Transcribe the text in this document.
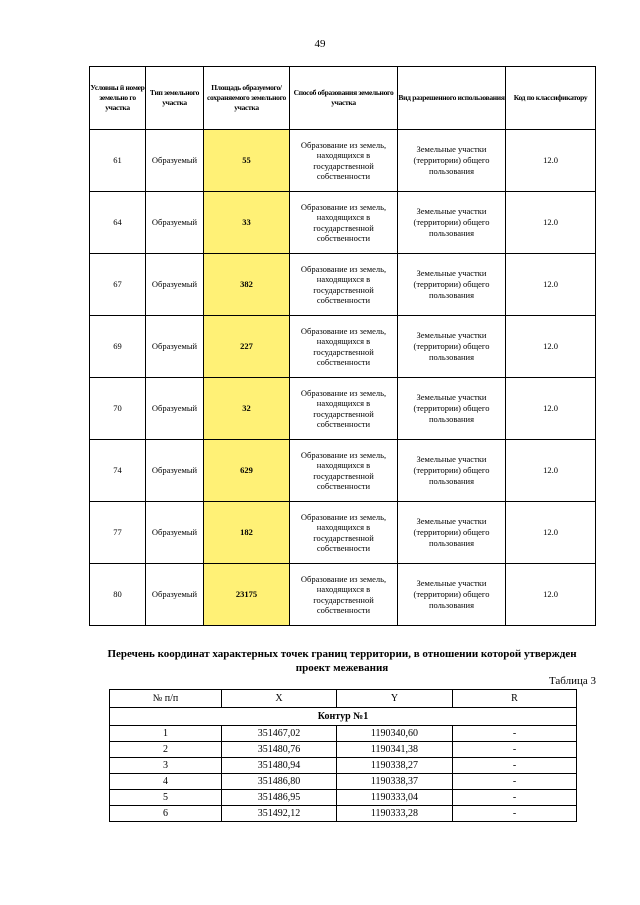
49
Условны й номер земельно го участка	Тип земельного участка	Площадь образуемого/ сохраняемого земельного участка	Способ образования земельного участка	Вид разрешенного использования	Код по классификатору
61	Образуемый	55	Образование из земель, находящихся в государственной собственности	Земельные участки (территории) общего пользования	12.0
64	Образуемый	33	Образование из земель, находящихся в государственной собственности	Земельные участки (территории) общего пользования	12.0
67	Образуемый	382	Образование из земель, находящихся в государственной собственности	Земельные участки (территории) общего пользования	12.0
69	Образуемый	227	Образование из земель, находящихся в государственной собственности	Земельные участки (территории) общего пользования	12.0
70	Образуемый	32	Образование из земель, находящихся в государственной собственности	Земельные участки (территории) общего пользования	12.0
74	Образуемый	629	Образование из земель, находящихся в государственной собственности	Земельные участки (территории) общего пользования	12.0
77	Образуемый	182	Образование из земель, находящихся в государственной собственности	Земельные участки (территории) общего пользования	12.0
80	Образуемый	23175	Образование из земель, находящихся в государственной собственности	Земельные участки (территории) общего пользования	12.0
Перечень координат характерных точек границ территории, в отношении которой утвержден проект межевания
Таблица 3
№ п/п	X	Y	R
Контур №1			
1	351467,02	1190340,60	-
2	351480,76	1190341,38	-
3	351480,94	1190338,27	-
4	351486,80	1190338,37	-
5	351486,95	1190333,04	-
6	351492,12	1190333,28	-
